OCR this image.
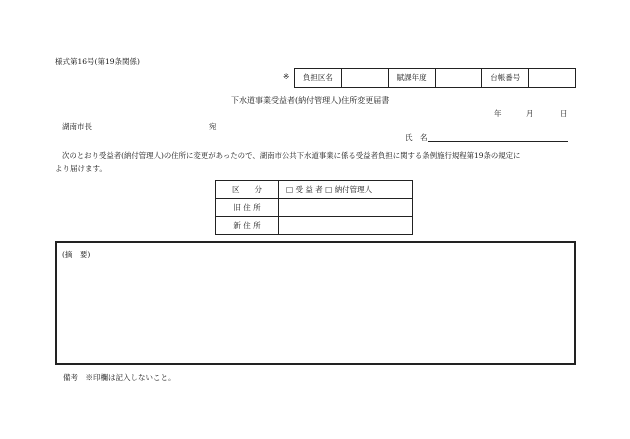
様式第16号(第19条関係)
※ 負担区名		賦課年度		台帳番号	
下水道事業受益者(納付管理人)住所変更届書
年	月	日
湖南市長	宛
氏　名
次のとおり受益者(納付管理人)の住所に変更があったので、湖南市公共下水道事業に係る受益者負担に関する条例施行規程第19条の規定に
より届けます。
区　　分	□ 受 益 者 □ 納付管理人
旧 住 所	
新 住 所	
(摘　要)
備考　※印欄は記入しないこと。
